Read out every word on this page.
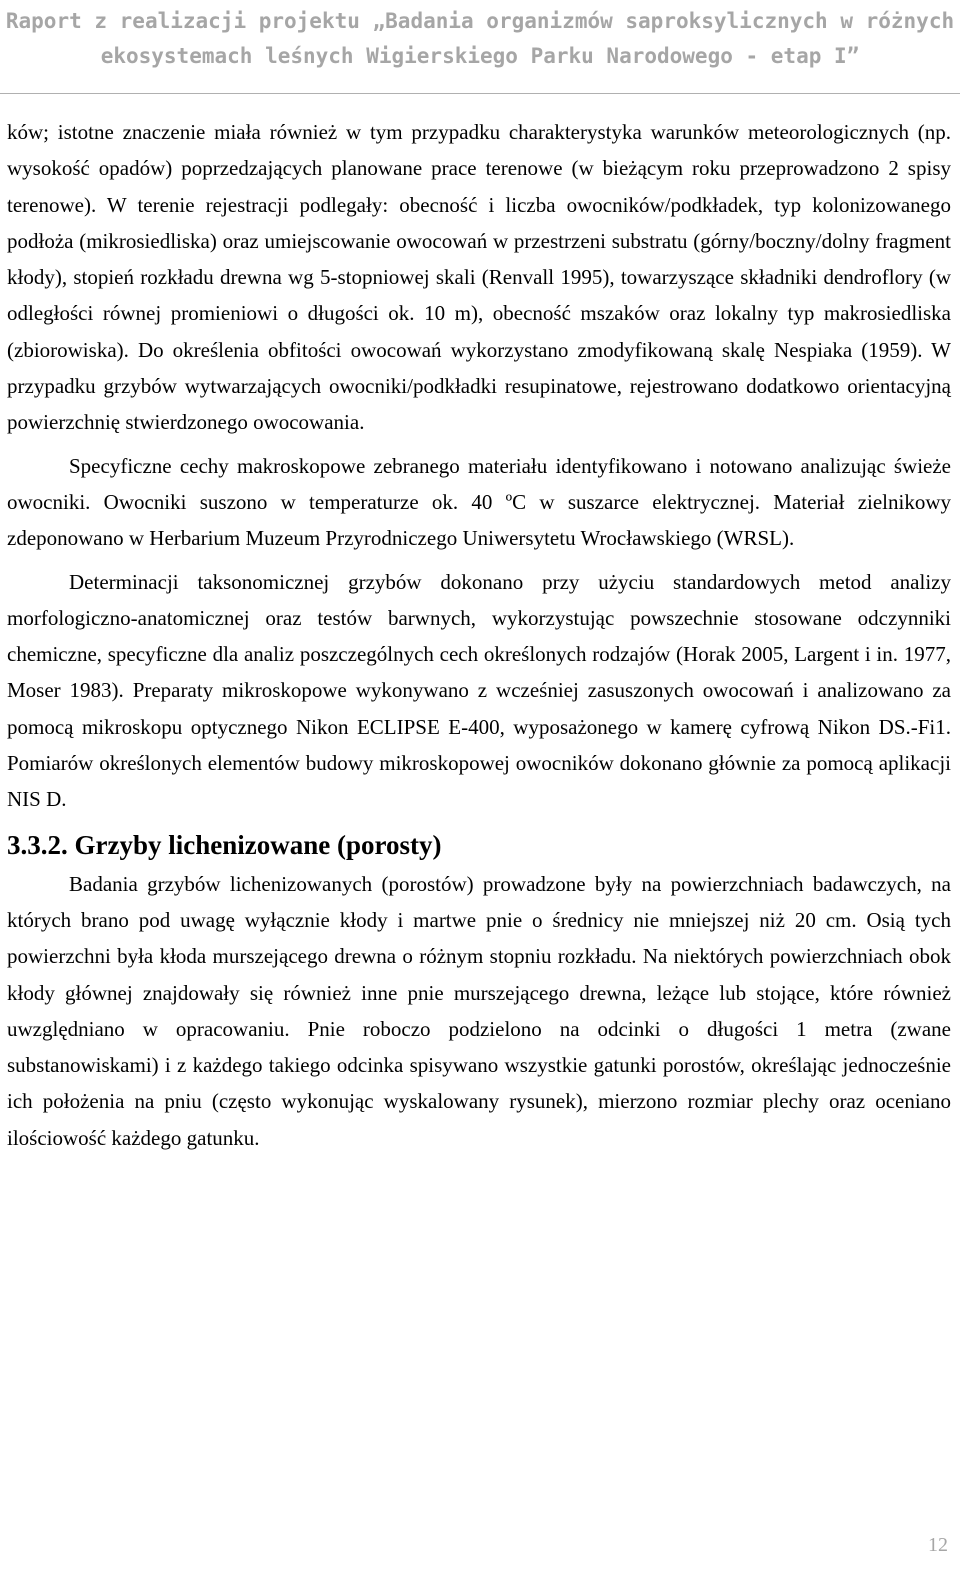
Raport z realizacji projektu „Badania organizmów saproksylicznych w różnych
ekosystemach leśnych Wigierskiego Parku Narodowego - etap I”

ków; istotne znaczenie miała również w tym przypadku charakterystyka warunków meteorologicznych (np. wysokość opadów) poprzedzających planowane prace terenowe (w bieżącym roku przeprowadzono 2 spisy terenowe). W terenie rejestracji podlegały: obecność i liczba owocników/podkładek, typ kolonizowanego podłoża (mikrosiedliska) oraz umiejscowanie owocowań w przestrzeni substratu (górny/boczny/dolny fragment kłody), stopień rozkładu drewna wg 5-stopniowej skali (Renvall 1995), towarzyszące składniki dendroflory (w odległości równej promieniowi o długości ok. 10 m), obecność mszaków oraz lokalny typ makrosiedliska (zbiorowiska). Do określenia obfitości owocowań wykorzystano zmodyfikowaną skalę Nespiaka (1959). W przypadku grzybów wytwarzających owocniki/podkładki resupinatowe, rejestrowano dodatkowo orientacyjną powierzchnię stwierdzonego owocowania.

Specyficzne cechy makroskopowe zebranego materiału identyfikowano i notowano analizując świeże owocniki. Owocniki suszono w temperaturze ok. 40 ºC w suszarce elektrycznej. Materiał zielnikowy zdeponowano w Herbarium Muzeum Przyrodniczego Uniwersytetu Wrocławskiego (WRSL).

Determinacji taksonomicznej grzybów dokonano przy użyciu standardowych metod analizy morfologiczno-anatomicznej oraz testów barwnych, wykorzystując powszechnie stosowane odczynniki chemiczne, specyficzne dla analiz poszczególnych cech określonych rodzajów (Horak 2005, Largent i in. 1977, Moser 1983). Preparaty mikroskopowe wykonywano z wcześniej zasuszonych owocowań i analizowano za pomocą mikroskopu optycznego Nikon ECLIPSE E-400, wyposażonego w kamerę cyfrową Nikon DS.-Fi1. Pomiarów określonych elementów budowy mikroskopowej owocników dokonano głównie za pomocą aplikacji NIS D.

3.3.2. Grzyby lichenizowane (porosty)

Badania grzybów lichenizowanych (porostów) prowadzone były na powierzchniach badawczych, na których brano pod uwagę wyłącznie kłody i martwe pnie o średnicy nie mniejszej niż 20 cm. Osią tych powierzchni była kłoda murszejącego drewna o różnym stopniu rozkładu. Na niektórych powierzchniach obok kłody głównej znajdowały się również inne pnie murszejącego drewna, leżące lub stojące, które również uwzględniano w opracowaniu. Pnie roboczo podzielono na odcinki o długości 1 metra (zwane substanowiskami) i z każdego takiego odcinka spisywano wszystkie gatunki porostów, określając jednocześnie ich położenia na pniu (często wykonując wyskalowany rysunek), mierzono rozmiar plechy oraz oceniano ilościowość każdego gatunku.

12
